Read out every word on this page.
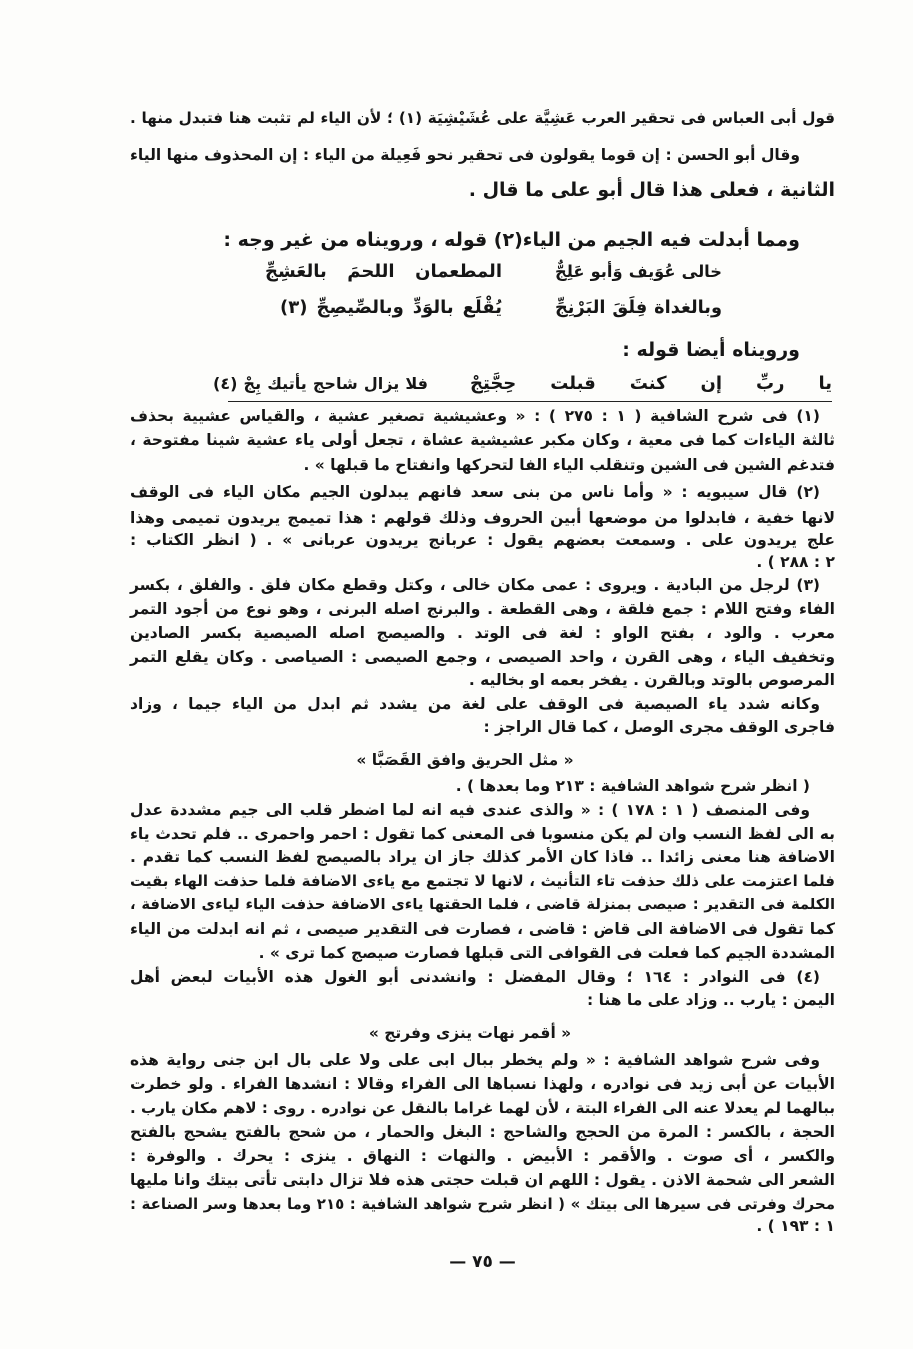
قول أبى العباس فى تحقير العرب عَشِيَّة على عُشَيْشِيَة (١) ؛ لأن الياء لم تثبت هنا فتبدل منها .
وقال أبو الحسن : إن قوما يقولون فى تحقير نحو فَعِيلة من الياء : إن المحذوف منها الياء
الثانية ، فعلى هذا قال أبو على ما قال .
ومما أبدلت فيه الجيم من الياء(٢) قوله ، ورويناه من غير وجه :
خالى عُوَيف وَأبو عَلِجٌّ
المطعمان اللحمَ بالعَشِجِّ
وبالغداة فِلَقَ البَرْنِجِّ
يُقْلَع بالوَدِّ وبالصِّيصِجِّ (٣)
ورويناه أيضا قوله :
يا ربِّ إن كنتَ قبلت حِجَّتِجْ
فلا يزال شاحج يأتيك بِجْ (٤)
(١) فى شرح الشافية ( ١ : ٢٧٥ ) : « وعشيشية تصغير عشية ، والقياس عشيية بحذف
ثالثة الياءات كما فى معية ، وكان مكبر عشيشية عشاة ، تجعل أولى ياء عشية شينا مفتوحة ،
فتدغم الشين فى الشين وتنقلب الياء الفا لتحركها وانفتاح ما قبلها » .
(٢) قال سيبويه : « وأما ناس من بنى سعد فانهم يبدلون الجيم مكان الياء فى الوقف
لانها خفية ، فابدلوا من موضعها أبين الحروف وذلك قولهم : هذا تميمج يريدون تميمى وهذا
علج يريدون على . وسمعت بعضهم يقول : عربانج يريدون عربانى » . ( انظر الكتاب :
٢ : ٢٨٨ ) .
(٣) لرجل من البادية . ويروى : عمى مكان خالى ، وكتل وقطع مكان فلق . والفلق ، بكسر
الفاء وفتح اللام : جمع فلقة ، وهى القطعة . والبرنج اصله البرنى ، وهو نوع من أجود التمر
معرب . والود ، بفتح الواو : لغة فى الوتد . والصيصج اصله الصيصية بكسر الصادين
وتخفيف الياء ، وهى القرن ، واحد الصيصى ، وجمع الصيصى : الصياصى . وكان يقلع التمر
المرصوص بالوتد وبالقرن . يفخر بعمه او بخاليه .
وكانه شدد ياء الصيصية فى الوقف على لغة من يشدد ثم ابدل من الياء جيما ، وزاد
فاجرى الوقف مجرى الوصل ، كما قال الراجز :
« مثل الحريق وافق القَصَبَّا »
( انظر شرح شواهد الشافية : ٢١٣ وما بعدها ) .
وفى المنصف ( ١ : ١٧٨ ) : « والذى عندى فيه انه لما اضطر قلب الى جيم مشددة عدل
به الى لفظ النسب وان لم يكن منسوبا فى المعنى كما تقول : احمر واحمرى .. فلم تحدث ياء
الاضافة هنا معنى زائدا .. فاذا كان الأمر كذلك جاز ان يراد بالصيصج لفظ النسب كما تقدم .
فلما اعتزمت على ذلك حذفت تاء التأنيث ، لانها لا تجتمع مع ياءى الاضافة فلما حذفت الهاء بقيت
الكلمة فى التقدير : صيصى بمنزلة قاضى ، فلما الحقتها ياءى الاضافة حذفت الياء لياءى الاضافة ،
كما تقول فى الاضافة الى قاض : قاضى ، فصارت فى التقدير صيصى ، ثم انه ابدلت من الياء
المشددة الجيم كما فعلت فى القوافى التى قبلها فصارت صيصج كما ترى » .
(٤) فى النوادر : ١٦٤ ؛ وقال المفضل : وانشدنى أبو الغول هذه الأبيات لبعض أهل
اليمن : يارب .. وزاد على ما هنا :
« أقمر نهات ينزى وفرتج »
وفى شرح شواهد الشافية : « ولم يخطر ببال ابى على ولا على بال ابن جنى رواية هذه
الأبيات عن أبى زيد فى نوادره ، ولهذا نسباها الى الفراء وقالا : انشدها الفراء . ولو خطرت
ببالهما لم يعدلا عنه الى الفراء البتة ، لأن لهما غراما بالنقل عن نوادره . روى : لاهم مكان يارب .
الحجة ، بالكسر : المرة من الحجج والشاحج : البغل والحمار ، من شحج بالفتح يشحج بالفتح
والكسر ، أى صوت . والأقمر : الأبيض . والنهات : النهاق . ينزى : يحرك . والوفرة :
الشعر الى شحمة الاذن . يقول : اللهم ان قبلت حجتى هذه فلا تزال دابتى تأتى بيتك وانا مليها
محرك وفرتى فى سيرها الى بيتك » ( انظر شرح شواهد الشافية : ٢١٥ وما بعدها وسر الصناعة :
١ : ١٩٣ ) .
— ٧٥ —
